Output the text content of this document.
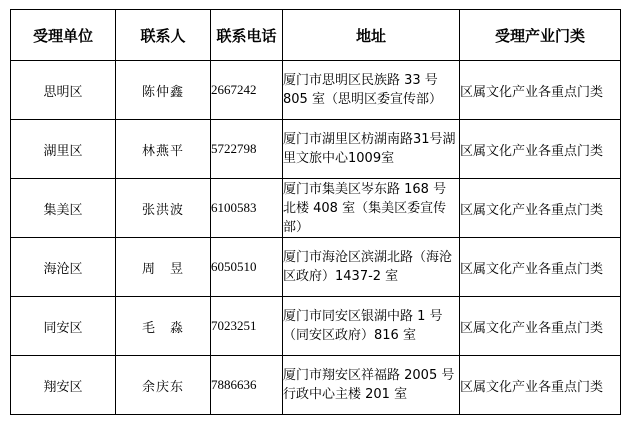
受理单位	联系人	联系电话	地址	受理产业门类
思明区	陈仲鑫	2667242	厦门市思明区民族路 33 号 805 室（思明区委宣传部）	区属文化产业各重点门类
湖里区	林燕平	5722798	厦门市湖里区枋湖南路31号湖里文旅中心1009室	区属文化产业各重点门类
集美区	张洪波	6100583	厦门市集美区岑东路 168 号北楼 408 室（集美区委宣传部）	区属文化产业各重点门类
海沧区	周　昱	6050510	厦门市海沧区滨湖北路（海沧区政府）1437-2 室	区属文化产业各重点门类
同安区	毛　淼	7023251	厦门市同安区银湖中路 1 号（同安区政府）816 室	区属文化产业各重点门类
翔安区	余庆东	7886636	厦门市翔安区祥福路 2005 号行政中心主楼 201 室	区属文化产业各重点门类
